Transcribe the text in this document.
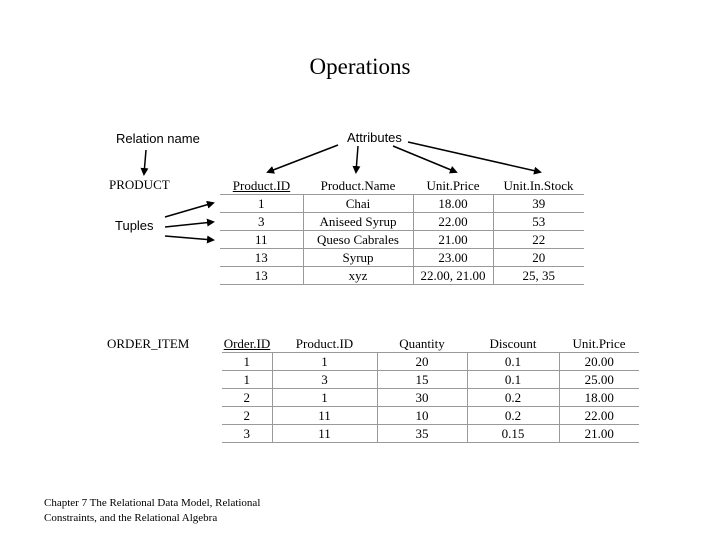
Operations
Relation name	Attributes
Tuples
PRODUCT
ORDER_ITEM
Product.ID	Product.Name	Unit.Price	Unit.In.Stock
1	Chai	18.00	39
3	Aniseed Syrup	22.00	53
11	Queso Cabrales	21.00	22
13	Syrup	23.00	20
13	xyz	22.00, 21.00	25, 35
Order.ID	Product.ID	Quantity	Discount	Unit.Price
1	1	20	0.1	20.00
1	3	15	0.1	25.00
2	1	30	0.2	18.00
2	11	10	0.2	22.00
3	11	35	0.15	21.00
Chapter 7 The Relational Data Model, Relational Constraints, and the Relational Algebra
